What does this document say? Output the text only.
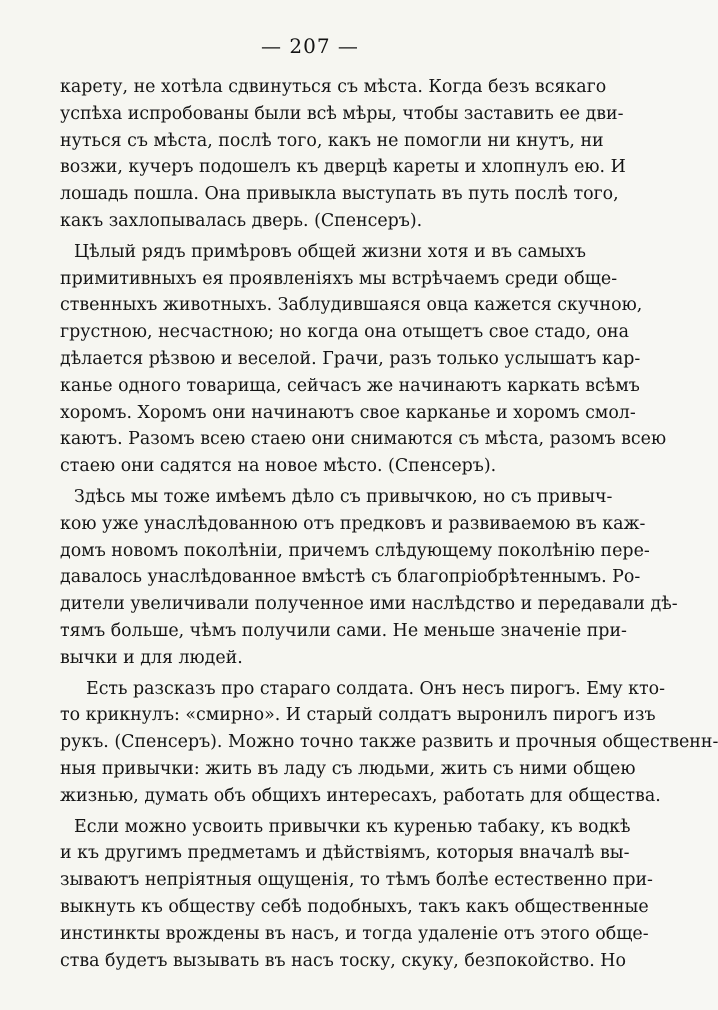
— 207 —
карету, не хотѣла сдвинуться съ мѣста. Когда безъ всякаго
успѣха испробованы были всѣ мѣры, чтобы заставить ее дви-
нуться съ мѣста, послѣ того, какъ не помогли ни кнутъ, ни
возжи, кучеръ подошелъ къ дверцѣ кареты и хлопнулъ ею. И
лошадь пошла. Она привыкла выступать въ путь послѣ того,
какъ захлопывалась дверь. (Спенсеръ).
Цѣлый рядъ примѣровъ общей жизни хотя и въ самыхъ
примитивныхъ ея проявленіяхъ мы встрѣчаемъ среди обще-
ственныхъ животныхъ. Заблудившаяся овца кажется скучною,
грустною, несчастною; но когда она отыщетъ свое стадо, она
дѣлается рѣзвою и веселой. Грачи, разъ только услышатъ кар-
канье одного товарища, сейчасъ же начинаютъ каркать всѣмъ
хоромъ. Хоромъ они начинаютъ свое карканье и хоромъ смол-
каютъ. Разомъ всею стаею они снимаются съ мѣста, разомъ всею
стаею они садятся на новое мѣсто. (Спенсеръ).
Здѣсь мы тоже имѣемъ дѣло съ привычкою, но съ привыч-
кою уже унаслѣдованною отъ предковъ и развиваемою въ каж-
домъ новомъ поколѣніи, причемъ слѣдующему поколѣнію пере-
давалось унаслѣдованное вмѣстѣ съ благопріобрѣтеннымъ. Ро-
дители увеличивали полученное ими наслѣдство и передавали дѣ-
тямъ больше, чѣмъ получили сами. Не меньше значеніе при-
вычки и для людей.
Есть разсказъ про стараго солдата. Онъ несъ пирогъ. Ему кто-
то крикнулъ: «смирно». И старый солдатъ выронилъ пирогъ изъ
рукъ. (Спенсеръ). Можно точно также развить и прочныя общественн-
ныя привычки: жить въ ладу съ людьми, жить съ ними общею
жизнью, думать объ общихъ интересахъ, работать для общества.
Если можно усвоить привычки къ куренью табаку, къ водкѣ
и къ другимъ предметамъ и дѣйствіямъ, которыя вначалѣ вы-
зываютъ непріятныя ощущенія, то тѣмъ болѣе естественно при-
выкнуть къ обществу себѣ подобныхъ, такъ какъ общественные
инстинкты врождены въ насъ, и тогда удаленіе отъ этого обще-
ства будетъ вызывать въ насъ тоску, скуку, безпокойство. Но
